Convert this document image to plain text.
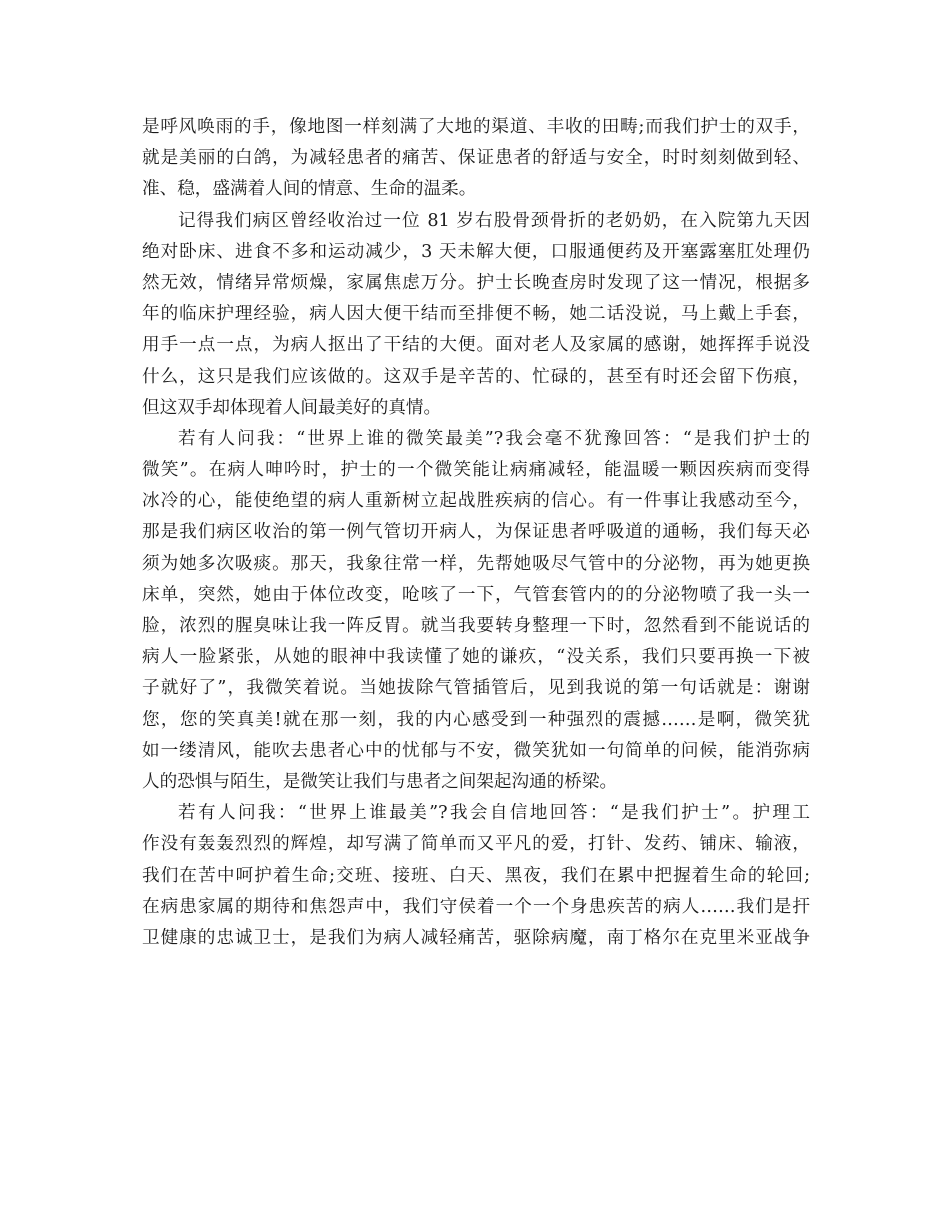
是呼风唤雨的手，像地图一样刻满了大地的渠道、丰收的田畴;而我们护士的双手，
就是美丽的白鸽，为减轻患者的痛苦、保证患者的舒适与安全，时时刻刻做到轻、
准、稳，盛满着人间的情意、生命的温柔。
记得我们病区曾经收治过一位 81 岁右股骨颈骨折的老奶奶，在入院第九天因
绝对卧床、进食不多和运动减少，3 天未解大便，口服通便药及开塞露塞肛处理仍
然无效，情绪异常烦燥，家属焦虑万分。护士长晚查房时发现了这一情况，根据多
年的临床护理经验，病人因大便干结而至排便不畅，她二话没说，马上戴上手套，
用手一点一点，为病人抠出了干结的大便。面对老人及家属的感谢，她挥挥手说没
什么，这只是我们应该做的。这双手是辛苦的、忙碌的，甚至有时还会留下伤痕，
但这双手却体现着人间最美好的真情。
若有人问我：“世界上谁的微笑最美”?我会毫不犹豫回答：“是我们护士的
微笑”。在病人呻吟时，护士的一个微笑能让病痛减轻，能温暖一颗因疾病而变得
冰冷的心，能使绝望的病人重新树立起战胜疾病的信心。有一件事让我感动至今，
那是我们病区收治的第一例气管切开病人，为保证患者呼吸道的通畅，我们每天必
须为她多次吸痰。那天，我象往常一样，先帮她吸尽气管中的分泌物，再为她更换
床单，突然，她由于体位改变，呛咳了一下，气管套管内的的分泌物喷了我一头一
脸，浓烈的腥臭味让我一阵反胃。就当我要转身整理一下时，忽然看到不能说话的
病人一脸紧张，从她的眼神中我读懂了她的谦疚，“没关系，我们只要再换一下被
子就好了”，我微笑着说。当她拔除气管插管后，见到我说的第一句话就是：谢谢
您，您的笑真美!就在那一刻，我的内心感受到一种强烈的震撼……是啊，微笑犹
如一缕清风，能吹去患者心中的忧郁与不安，微笑犹如一句简单的问候，能消弥病
人的恐惧与陌生，是微笑让我们与患者之间架起沟通的桥梁。
若有人问我：“世界上谁最美”?我会自信地回答：“是我们护士”。护理工
作没有轰轰烈烈的辉煌，却写满了简单而又平凡的爱，打针、发药、铺床、输液，
我们在苦中呵护着生命;交班、接班、白天、黑夜，我们在累中把握着生命的轮回;
在病患家属的期待和焦怨声中，我们守侯着一个一个身患疾苦的病人……我们是扞
卫健康的忠诚卫士，是我们为病人减轻痛苦，驱除病魔，南丁格尔在克里米亚战争
